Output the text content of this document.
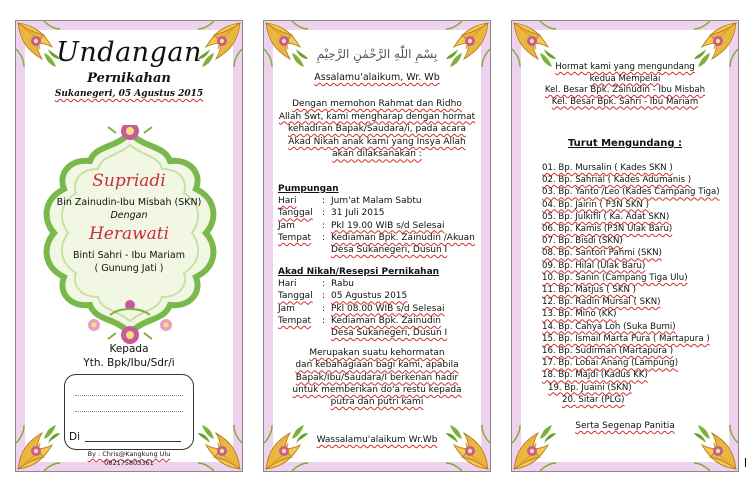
Undangan
Pernikahan
Sukanegeri, 05 Agustus 2015
Supriadi
Bin Zainudin-Ibu Misbah (SKN)
Dengan
Herawati
Binti Sahri - Ibu Mariam
( Gunung Jati )
Kepada
Yth. Bpk/Ibu/Sdr/i
Di
By : Chris@Kangkung Ulu
082175803361
بِسْمِ اللّٰهِ الرَّحْمٰنِ الرَّحِيْمِ
Assalamu'alaikum, Wr. Wb
Dengan memohon Rahmat dan Ridho
Allah Swt, kami mengharap dengan hormat
kehadiran Bapak/Saudara/i, pada acara
Akad Nikah anak kami yang Insya Allah
akan dilaksanakan :
Pumpungan
Hari	: Jum'at Malam Sabtu
Tanggal : 31 Juli 2015
Jam	: Pkl 19.00 WIB s/d Selesai
Tempat : Kediaman Bpk. Zainudin /Akuan
Desa Sukanegeri, Dusun I
Akad Nikah/Resepsi Pernikahan
Hari	: Rabu
Tanggal : 05 Agustus 2015
Jam	: Pkl 08.00 WIB s/d Selesai
Tempat : Kediaman Bpk. Zainudin
Desa Sukanegeri, Dusun I
Merupakan suatu kehormatan
dan kebahagiaan bagi kami, apabila
Bapak/Ibu/Saudara/I berkenan hadir
untuk memberikan do'a restu kepada
putra dan putri kami
Wassalamu'alaikum Wr.Wb
Hormat kami yang mengundang
kedua Mempelai
Kel. Besar Bpk. Zainudin - Ibu Misbah
Kel. Besar Bpk. Sahri - Ibu Mariam
Turut Mengundang :
01. Bp. Mursalin ( Kades SKN )
02. Bp. Sahrial ( Kades Adumanis )
03. Bp. Yanto /Leo (Kades Campang Tiga)
04. Bp. Jairin ( P3N SKN )
05. Bp. Julkifli ( Ka. Adat SKN)
06. Bp. Kamis (P3N Ulak Baru)
07. Bp. Bisdi (SKN)
08. Bp. Santori Pahmi (SKN)
09. Bp. Hilal (Ulak Baru)
10. Bp. Sanin (Campang Tiga Ulu)
11. Bp. Matjus ( SKN )
12. Bp. Radin Mursal ( SKN)
13. Bp. Mino (KK)
14. Bp. Cahya Loh (Suka Bumi)
15. Bp. Ismail Marta Pura ( Martapura )
16. Bp. Sudirman (Martapura )
17. Bp. Lobai Anang (Lampung)
18. Bp. Majdi (Kadus KK)
19. Bp. Juaini (SKN)
20. Sitar (PLG)
Serta Segenap Panitia
